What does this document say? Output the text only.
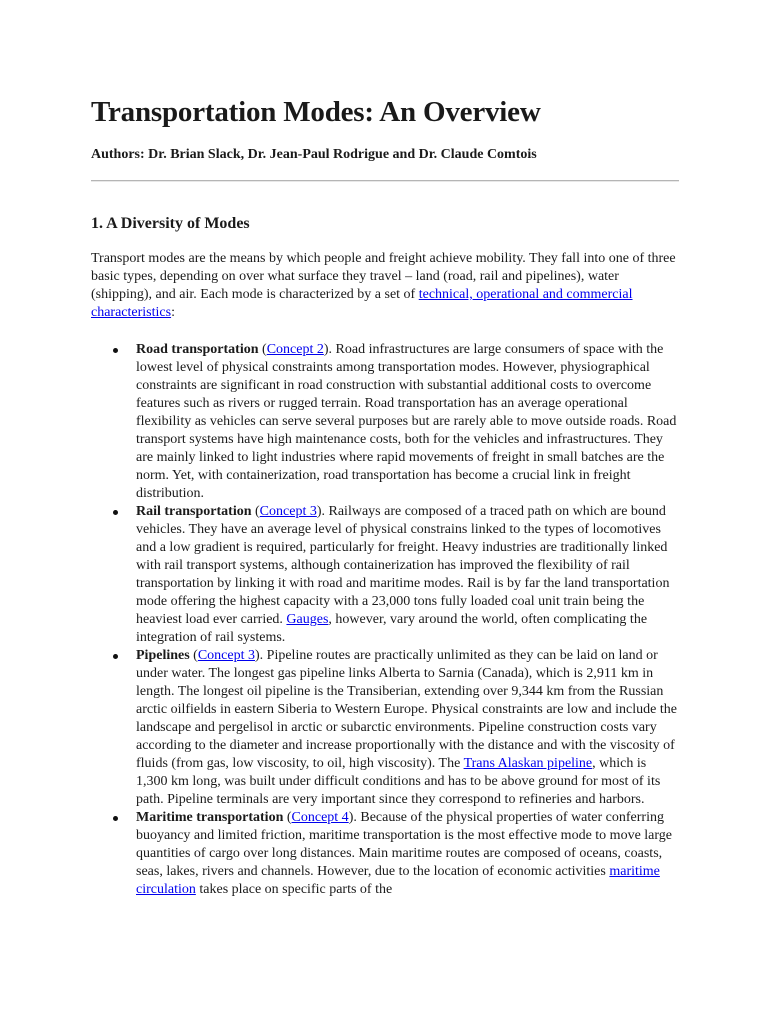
Transportation Modes: An Overview
Authors: Dr. Brian Slack, Dr. Jean-Paul Rodrigue and Dr. Claude Comtois
1. A Diversity of Modes

Transport modes are the means by which people and freight achieve mobility. They fall into one of three basic types, depending on over what surface they travel – land (road, rail and pipelines), water (shipping), and air. Each mode is characterized by a set of technical, operational and commercial characteristics:

Road transportation (Concept 2). Road infrastructures are large consumers of space with the lowest level of physical constraints among transportation modes. However, physiographical constraints are significant in road construction with substantial additional costs to overcome features such as rivers or rugged terrain. Road transportation has an average operational flexibility as vehicles can serve several purposes but are rarely able to move outside roads. Road transport systems have high maintenance costs, both for the vehicles and infrastructures. They are mainly linked to light industries where rapid movements of freight in small batches are the norm. Yet, with containerization, road transportation has become a crucial link in freight distribution.
Rail transportation (Concept 3). Railways are composed of a traced path on which are bound vehicles. They have an average level of physical constrains linked to the types of locomotives and a low gradient is required, particularly for freight. Heavy industries are traditionally linked with rail transport systems, although containerization has improved the flexibility of rail transportation by linking it with road and maritime modes. Rail is by far the land transportation mode offering the highest capacity with a 23,000 tons fully loaded coal unit train being the heaviest load ever carried. Gauges, however, vary around the world, often complicating the integration of rail systems.
Pipelines (Concept 3). Pipeline routes are practically unlimited as they can be laid on land or under water. The longest gas pipeline links Alberta to Sarnia (Canada), which is 2,911 km in length. The longest oil pipeline is the Transiberian, extending over 9,344 km from the Russian arctic oilfields in eastern Siberia to Western Europe. Physical constraints are low and include the landscape and pergelisol in arctic or subarctic environments. Pipeline construction costs vary according to the diameter and increase proportionally with the distance and with the viscosity of fluids (from gas, low viscosity, to oil, high viscosity). The Trans Alaskan pipeline, which is 1,300 km long, was built under difficult conditions and has to be above ground for most of its path. Pipeline terminals are very important since they correspond to refineries and harbors.
Maritime transportation (Concept 4). Because of the physical properties of water conferring buoyancy and limited friction, maritime transportation is the most effective mode to move large quantities of cargo over long distances. Main maritime routes are composed of oceans, coasts, seas, lakes, rivers and channels. However, due to the location of economic activities maritime circulation takes place on specific parts of the
